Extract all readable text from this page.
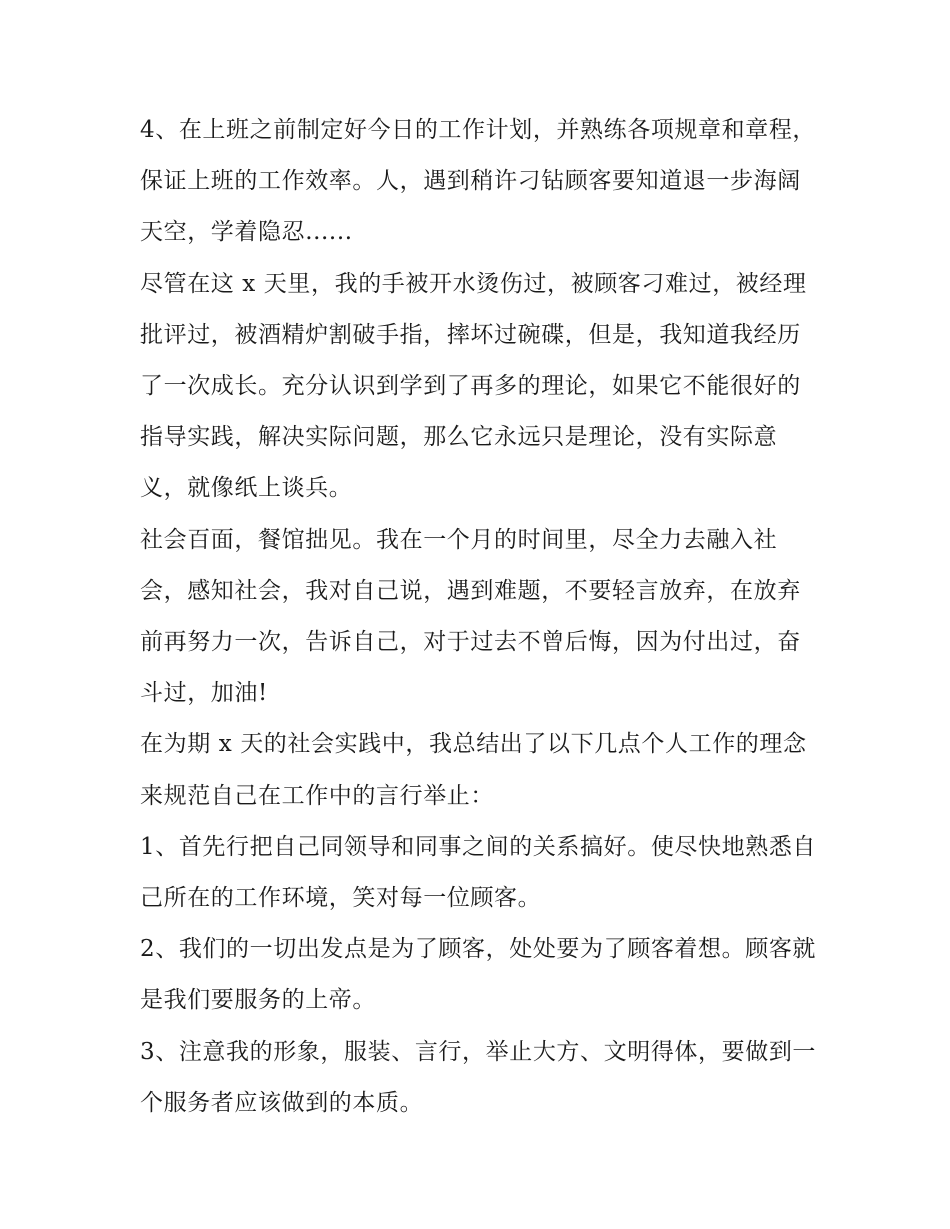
4、在上班之前制定好今日的工作计划，并熟练各项规章和章程，保证上班的工作效率。人，遇到稍许刁钻顾客要知道退一步海阔天空，学着隐忍......

尽管在这 x 天里，我的手被开水烫伤过，被顾客刁难过，被经理批评过，被酒精炉割破手指，摔坏过碗碟，但是，我知道我经历了一次成长。充分认识到学到了再多的理论，如果它不能很好的指导实践，解决实际问题，那么它永远只是理论，没有实际意义，就像纸上谈兵。

社会百面，餐馆拙见。我在一个月的时间里，尽全力去融入社会，感知社会，我对自己说，遇到难题，不要轻言放弃，在放弃前再努力一次，告诉自己，对于过去不曾后悔，因为付出过，奋斗过，加油!

在为期 x 天的社会实践中，我总结出了以下几点个人工作的理念来规范自己在工作中的言行举止：

1、首先行把自己同领导和同事之间的关系搞好。使尽快地熟悉自己所在的工作环境，笑对每一位顾客。

2、我们的一切出发点是为了顾客，处处要为了顾客着想。顾客就是我们要服务的上帝。

3、注意我的形象，服装、言行，举止大方、文明得体，要做到一个服务者应该做到的本质。
